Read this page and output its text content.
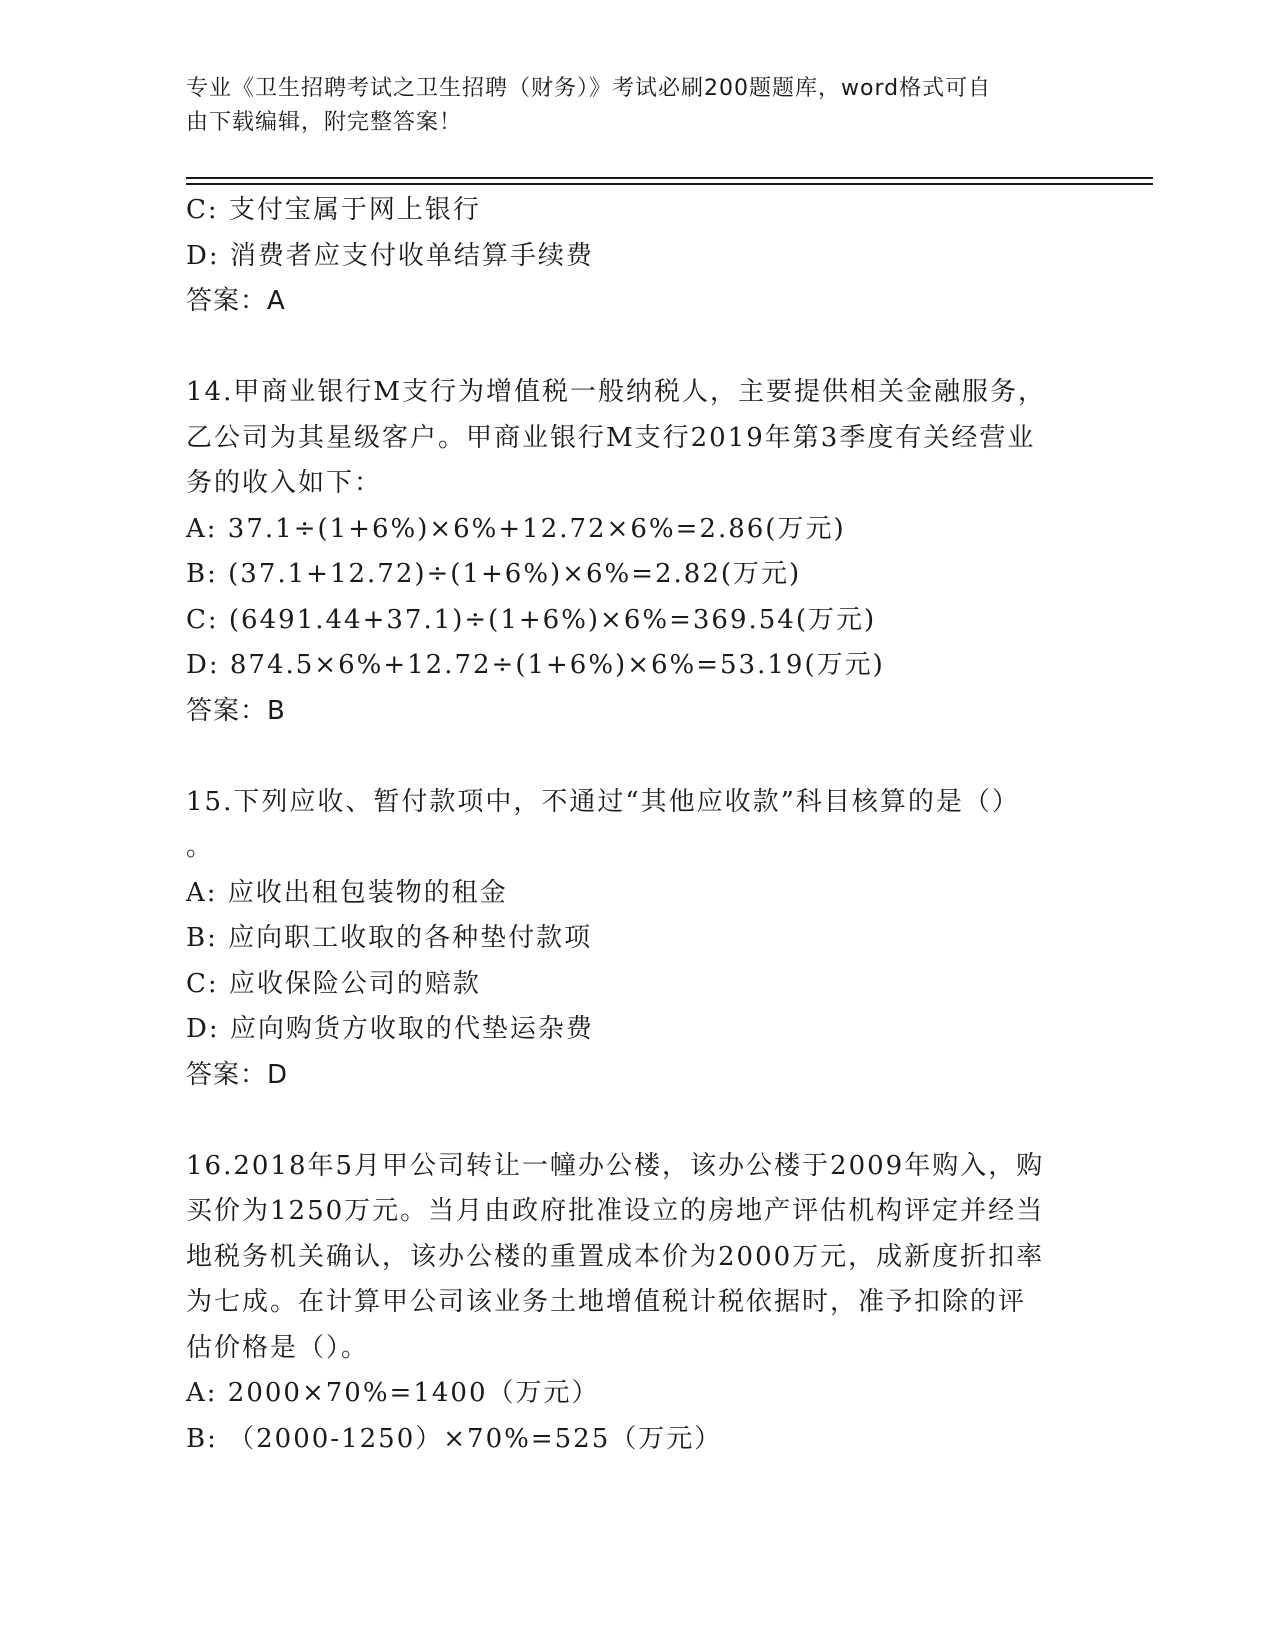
专业《卫生招聘考试之卫生招聘（财务）》考试必刷200题题库，word格式可自
由下载编辑，附完整答案！
C: 支付宝属于网上银行
D: 消费者应支付收单结算手续费
答案：A
14.甲商业银行M支行为增值税一般纳税人，主要提供相关金融服务，
乙公司为其星级客户。甲商业银行M支行2019年第3季度有关经营业
务的收入如下：
A: 37.1÷(1+6%)×6%+12.72×6%=2.86(万元)
B: (37.1+12.72)÷(1+6%)×6%=2.82(万元)
C: (6491.44+37.1)÷(1+6%)×6%=369.54(万元)
D: 874.5×6%+12.72÷(1+6%)×6%=53.19(万元)
答案：B
15.下列应收、暂付款项中，不通过“其他应收款”科目核算的是（）
。
A: 应收出租包装物的租金
B: 应向职工收取的各种垫付款项
C: 应收保险公司的赔款
D: 应向购货方收取的代垫运杂费
答案：D
16.2018年5月甲公司转让一幢办公楼，该办公楼于2009年购入，购
买价为1250万元。当月由政府批准设立的房地产评估机构评定并经当
地税务机关确认，该办公楼的重置成本价为2000万元，成新度折扣率
为七成。在计算甲公司该业务土地增值税计税依据时，准予扣除的评
估价格是（）。
A: 2000×70%=1400（万元）
B: （2000-1250）×70%=525（万元）
